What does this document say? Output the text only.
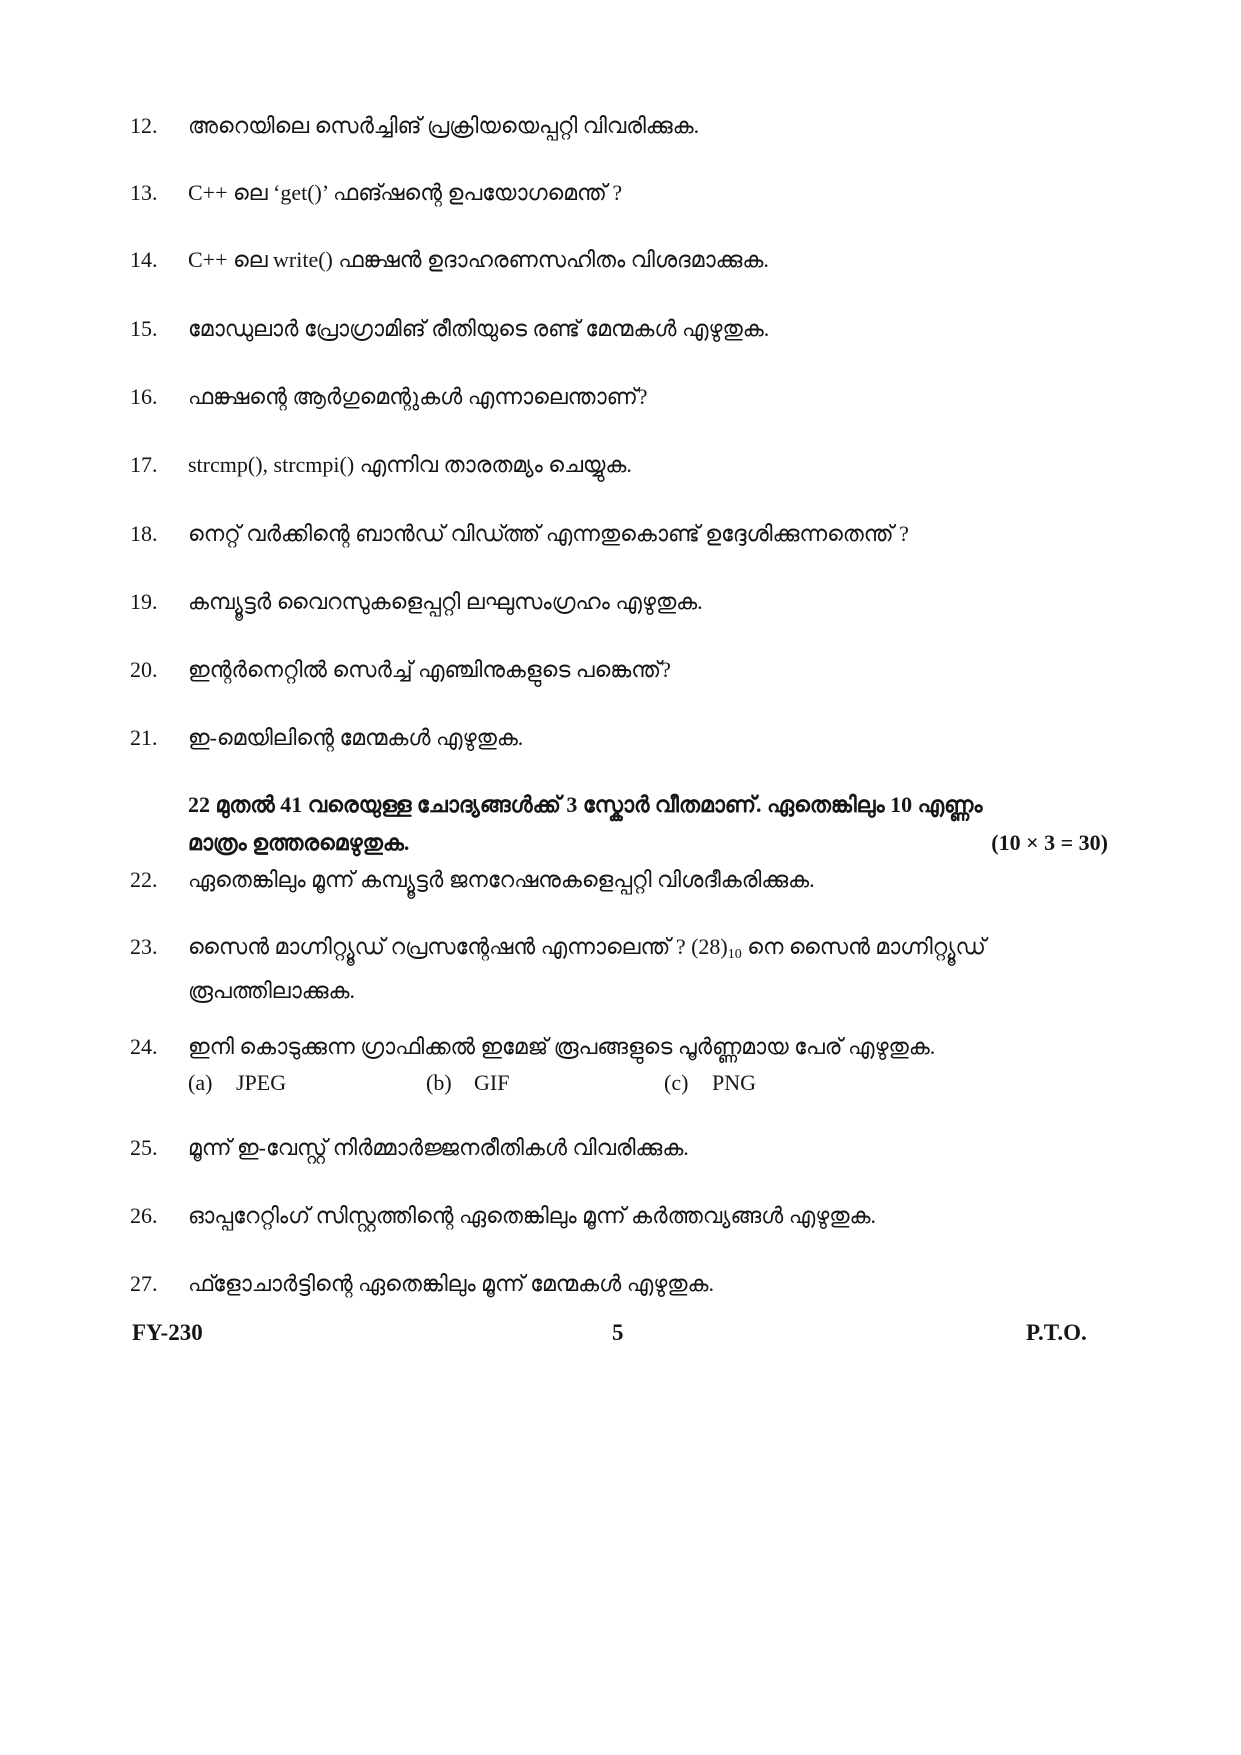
12.	അറെയിലെ സെർച്ചിങ് പ്രക്രിയയെപ്പറ്റി വിവരിക്കുക.
13.	C++ ലെ ‘get()’ ഫങ്ഷന്റെ ഉപയോഗമെന്ത് ?
14.	C++ ലെ write() ഫങ്ക്ഷൻ ഉദാഹരണസഹിതം വിശദമാക്കുക.
15.	മോഡുലാർ പ്രോഗ്രാമിങ് രീതിയുടെ രണ്ട് മേന്മകൾ എഴുതുക.
16.	ഫങ്ക്ഷന്റെ ആർഗുമെന്റുകൾ എന്നാലെന്താണ്?
17.	strcmp(), strcmpi() എന്നിവ താരതമ്യം ചെയ്യുക.
18.	നെറ്റ് വർക്കിന്റെ ബാൻഡ് വിഡ്ത്ത് എന്നതുകൊണ്ട് ഉദ്ദേശിക്കുന്നതെന്ത് ?
19.	കമ്പ്യൂട്ടർ വൈറസുകളെപ്പറ്റി ലഘുസംഗ്രഹം എഴുതുക.
20.	ഇന്റർനെറ്റിൽ സെർച്ച് എഞ്ചിനുകളുടെ പങ്കെന്ത്?
21.	ഇ-മെയിലിന്റെ മേന്മകൾ എഴുതുക.
22 മുതൽ 41 വരെയുള്ള ചോദ്യങ്ങൾക്ക് 3 സ്കോർ വീതമാണ്. ഏതെങ്കിലും 10 എണ്ണം
മാത്രം ഉത്തരമെഴുതുക.	(10 × 3 = 30)
22.	ഏതെങ്കിലും മൂന്ന് കമ്പ്യൂട്ടർ ജനറേഷനുകളെപ്പറ്റി വിശദീകരിക്കുക.
23.	സൈൻ മാഗ്നിറ്റ്യൂഡ് റപ്രസന്റേഷൻ എന്നാലെന്ത് ? $(28)_{10}$ നെ സൈൻ മാഗ്നിറ്റ്യൂഡ്
രൂപത്തിലാക്കുക.
24.	ഇനി കൊടുക്കുന്ന ഗ്രാഫിക്കൽ ഇമേജ് രൂപങ്ങളുടെ പൂർണ്ണമായ പേര് എഴുതുക.
(a) JPEG	(b) GIF	(c) PNG
25.	മൂന്ന് ഇ-വേസ്റ്റ് നിർമ്മാർജ്ജനരീതികൾ വിവരിക്കുക.
26.	ഓപ്പറേറ്റിംഗ് സിസ്റ്റത്തിന്റെ ഏതെങ്കിലും മൂന്ന് കർത്തവ്യങ്ങൾ എഴുതുക.
27.	ഫ്ളോചാർട്ടിന്റെ ഏതെങ്കിലും മൂന്ന് മേന്മകൾ എഴുതുക.
FY-230	5	P.T.O.
